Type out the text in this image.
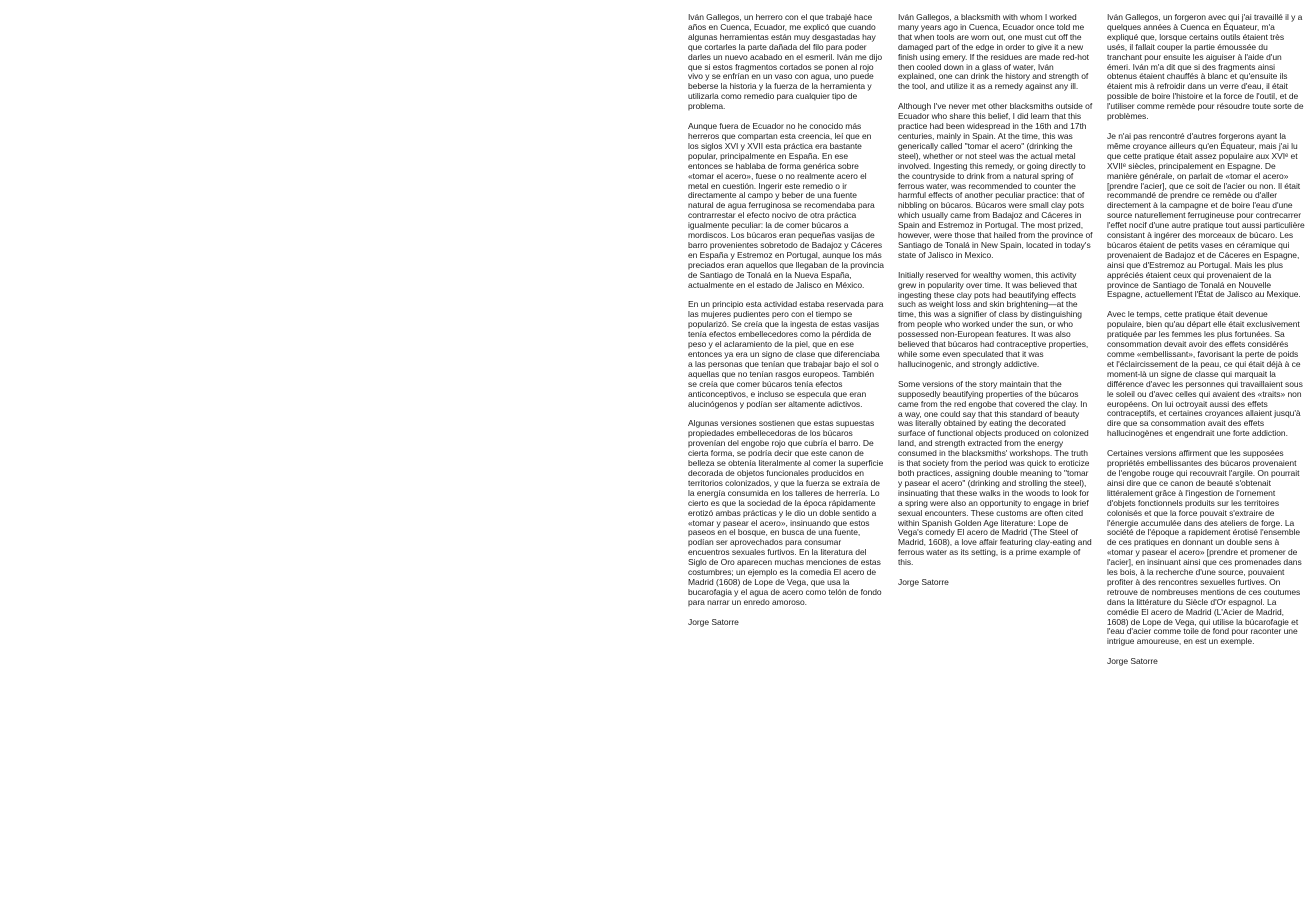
Iván Gallegos, un herrero con el que trabajé hace años en Cuenca, Ecuador, me explicó que cuando algunas herramientas están muy desgastadas hay que cortarles la parte dañada del filo para poder darles un nuevo acabado en el esmeril. Iván me dijo que si estos fragmentos cortados se ponen al rojo vivo y se enfrían en un vaso con agua, uno puede beberse la historia y la fuerza de la herramienta y utilizarla como remedio para cualquier tipo de problema.

Aunque fuera de Ecuador no he conocido más herreros que compartan esta creencia, leí que en los siglos XVI y XVII esta práctica era bastante popular, principalmente en España. En ese entonces se hablaba de forma genérica sobre «tomar el acero», fuese o no realmente acero el metal en cuestión. Ingerir este remedio o ir directamente al campo y beber de una fuente natural de agua ferruginosa se recomendaba para contrarrestar el efecto nocivo de otra práctica igualmente peculiar: la de comer búcaros a mordiscos. Los búcaros eran pequeñas vasijas de barro provenientes sobretodo de Badajoz y Cáceres en España y Estremoz en Portugal, aunque los más preciados eran aquellos que llegaban de la provincia de Santiago de Tonalá en la Nueva España, actualmente en el estado de Jalisco en México.

En un principio esta actividad estaba reservada para las mujeres pudientes pero con el tiempo se popularizó. Se creía que la ingesta de estas vasijas tenía efectos embellecedores como la pérdida de peso y el aclaramiento de la piel, que en ese entonces ya era un signo de clase que diferenciaba a las personas que tenían que trabajar bajo el sol o aquellas que no tenían rasgos europeos. También se creía que comer búcaros tenía efectos anticonceptivos, e incluso se especula que eran alucinógenos y podían ser altamente adictivos.

Algunas versiones sostienen que estas supuestas propiedades embellecedoras de los búcaros provenían del engobe rojo que cubría el barro. De cierta forma, se podría decir que este canon de belleza se obtenía literalmente al comer la superficie decorada de objetos funcionales producidos en territorios colonizados, y que la fuerza se extraía de la energía consumida en los talleres de herrería. Lo cierto es que la sociedad de la época rápidamente erotizó ambas prácticas y le dio un doble sentido a «tomar y pasear el acero», insinuando que estos paseos en el bosque, en busca de una fuente, podían ser aprovechados para consumar encuentros sexuales furtivos. En la literatura del Siglo de Oro aparecen muchas menciones de estas costumbres; un ejemplo es la comedia El acero de Madrid (1608) de Lope de Vega, que usa la bucarofagia y el agua de acero como telón de fondo para narrar un enredo amoroso.

Jorge Satorre

Iván Gallegos, a blacksmith with whom I worked many years ago in Cuenca, Ecuador once told me that when tools are worn out, one must cut off the damaged part of the edge in order to give it a new finish using emery. If the residues are made red-hot then cooled down in a glass of water, Iván explained, one can drink the history and strength of the tool, and utilize it as a remedy against any ill.

Although I've never met other blacksmiths outside of Ecuador who share this belief, I did learn that this practice had been widespread in the 16th and 17th centuries, mainly in Spain. At the time, this was generically called "tomar el acero" (drinking the steel), whether or not steel was the actual metal involved. Ingesting this remedy, or going directly to the countryside to drink from a natural spring of ferrous water, was recommended to counter the harmful effects of another peculiar practice: that of nibbling on búcaros. Búcaros were small clay pots which usually came from Badajoz and Cáceres in Spain and Estremoz in Portugal. The most prized, however, were those that hailed from the province of Santiago de Tonalá in New Spain, located in today's state of Jalisco in Mexico.

Initially reserved for wealthy women, this activity grew in popularity over time. It was believed that ingesting these clay pots had beautifying effects such as weight loss and skin brightening—at the time, this was a signifier of class by distinguishing from people who worked under the sun, or who possessed non-European features. It was also believed that búcaros had contraceptive properties, while some even speculated that it was hallucinogenic, and strongly addictive.

Some versions of the story maintain that the supposedly beautifying properties of the búcaros came from the red engobe that covered the clay. In a way, one could say that this standard of beauty was literally obtained by eating the decorated surface of functional objects produced on colonized land, and strength extracted from the energy consumed in the blacksmiths' workshops. The truth is that society from the period was quick to eroticize both practices, assigning double meaning to "tomar y pasear el acero" (drinking and strolling the steel), insinuating that these walks in the woods to look for a spring were also an opportunity to engage in brief sexual encounters. These customs are often cited within Spanish Golden Age literature: Lope de Vega's comedy El acero de Madrid (The Steel of Madrid, 1608), a love affair featuring clay-eating and ferrous water as its setting, is a prime example of this.

Jorge Satorre

Iván Gallegos, un forgeron avec qui j'ai travaillé il y a quelques années à Cuenca en Équateur, m'a expliqué que, lorsque certains outils étaient très usés, il fallait couper la partie émoussée du tranchant pour ensuite les aiguiser à l'aide d'un émeri. Iván m'a dit que si des fragments ainsi obtenus étaient chauffés à blanc et qu'ensuite ils étaient mis à refroidir dans un verre d'eau, il était possible de boire l'histoire et la force de l'outil, et de l'utiliser comme remède pour résoudre toute sorte de problèmes.

Je n'ai pas rencontré d'autres forgerons ayant la même croyance ailleurs qu'en Équateur, mais j'ai lu que cette pratique était assez populaire aux XVIᵉ et XVIIᵉ siècles, principalement en Espagne. De manière générale, on parlait de «tomar el acero» [prendre l'acier], que ce soit de l'acier ou non. Il était recommandé de prendre ce remède ou d'aller directement à la campagne et de boire l'eau d'une source naturellement ferrugineuse pour contrecarrer l'effet nocif d'une autre pratique tout aussi particulière consistant à ingérer des morceaux de búcaro. Les búcaros étaient de petits vases en céramique qui provenaient de Badajoz et de Cáceres en Espagne, ainsi que d'Estremoz au Portugal. Mais les plus appréciés étaient ceux qui provenaient de la province de Santiago de Tonalá en Nouvelle Espagne, actuellement l'État de Jalisco au Mexique.

Avec le temps, cette pratique était devenue populaire, bien qu'au départ elle était exclusivement pratiquée par les femmes les plus fortunées. Sa consommation devait avoir des effets considérés comme «embellissant», favorisant la perte de poids et l'éclaircissement de la peau, ce qui était déjà à ce moment-là un signe de classe qui marquait la différence d'avec les personnes qui travaillaient sous le soleil ou d'avec celles qui avaient des «traits» non européens. On lui octroyait aussi des effets contraceptifs, et certaines croyances allaient jusqu'à dire que sa consommation avait des effets hallucinogènes et engendrait une forte addiction.

Certaines versions affirment que les supposées propriétés embellissantes des búcaros provenaient de l'engobe rouge qui recouvrait l'argile. On pourrait ainsi dire que ce canon de beauté s'obtenait littéralement grâce à l'ingestion de l'ornement d'objets fonctionnels produits sur les territoires colonisés et que la force pouvait s'extraire de l'énergie accumulée dans des ateliers de forge. La société de l'époque a rapidement érotisé l'ensemble de ces pratiques en donnant un double sens à «tomar y pasear el acero» [prendre et promener de l'acier], en insinuant ainsi que ces promenades dans les bois, à la recherche d'une source, pouvaient profiter à des rencontres sexuelles furtives. On retrouve de nombreuses mentions de ces coutumes dans la littérature du Siècle d'Or espagnol. La comédie El acero de Madrid (L'Acier de Madrid, 1608) de Lope de Vega, qui utilise la búcarofagie et l'eau d'acier comme toile de fond pour raconter une intrigue amoureuse, en est un exemple.

Jorge Satorre
